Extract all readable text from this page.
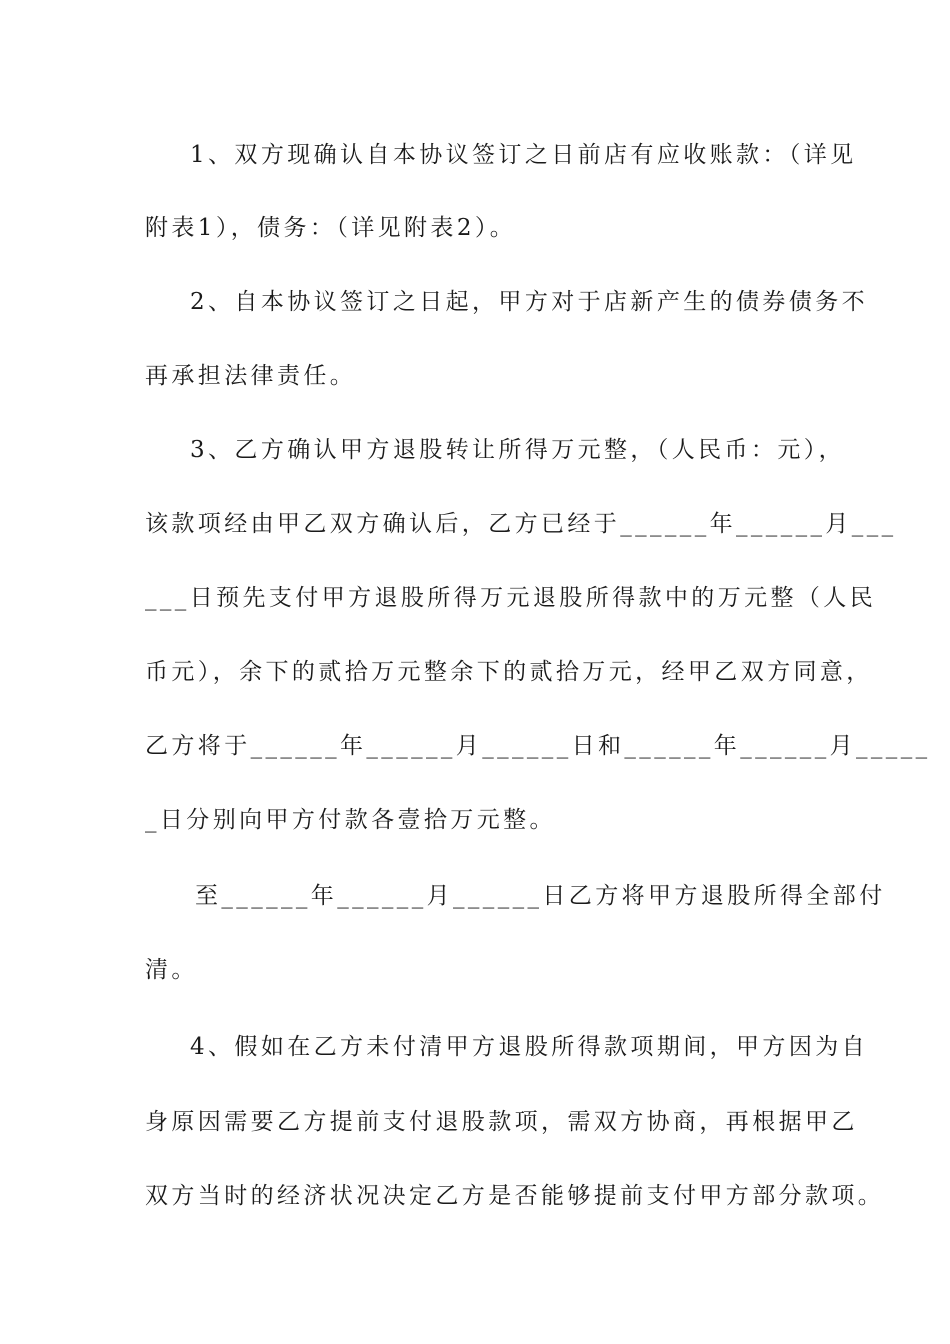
1、双方现确认自本协议签订之日前店有应收账款：（详见
附表1），债务：（详见附表2）。
2、自本协议签订之日起，甲方对于店新产生的债券债务不
再承担法律责任。
3、乙方确认甲方退股转让所得万元整，（人民币：元），
该款项经由甲乙双方确认后，乙方已经于______年______月___
___日预先支付甲方退股所得万元退股所得款中的万元整（人民
币元），余下的贰拾万元整余下的贰拾万元，经甲乙双方同意，
乙方将于______年______月______日和______年______月_____
_日分别向甲方付款各壹拾万元整。
至______年______月______日乙方将甲方退股所得全部付
清。
4、假如在乙方未付清甲方退股所得款项期间，甲方因为自
身原因需要乙方提前支付退股款项，需双方协商，再根据甲乙
双方当时的经济状况决定乙方是否能够提前支付甲方部分款项。
